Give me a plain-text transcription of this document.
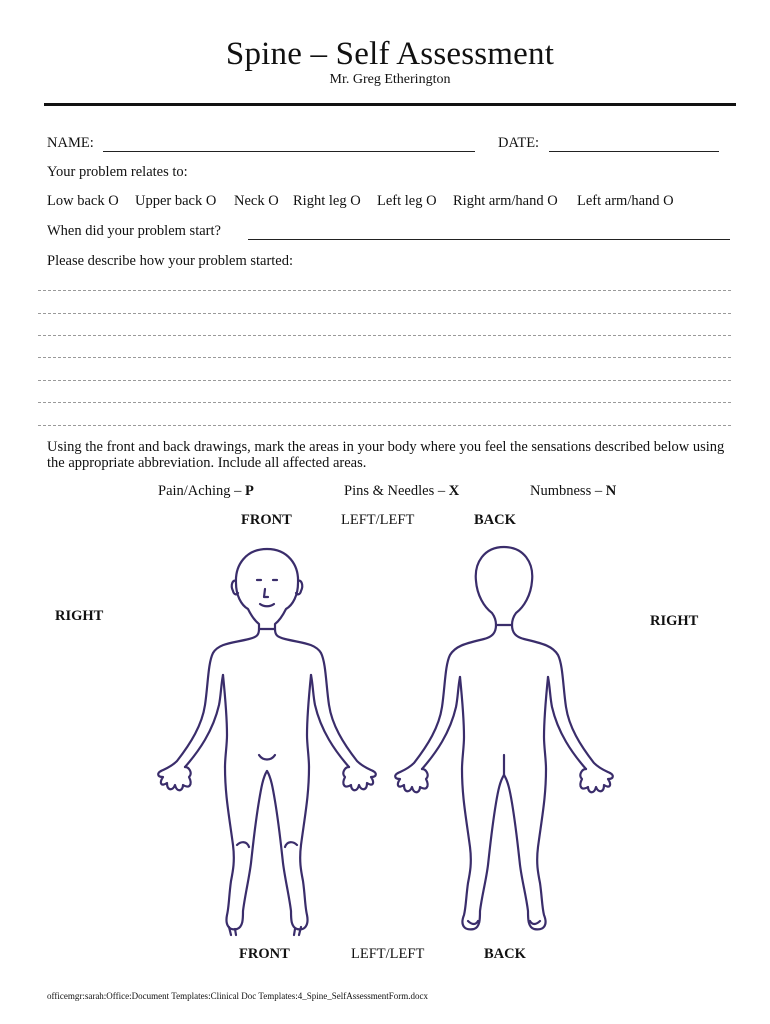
Spine – Self Assessment
Mr. Greg Etherington
NAME:	DATE:
Your problem relates to:
Low back O Upper back O Neck O Right leg O Left leg O Right arm/hand O Left arm/hand O
When did your problem start?
Please describe how your problem started:
Using the front and back drawings, mark the areas in your body where you feel the sensations described below using the appropriate abbreviation. Include all affected areas.
Pain/Aching – P	Pins & Needles – X	Numbness – N
FRONT	LEFT/LEFT	BACK
RIGHT	RIGHT
FRONT	LEFT/LEFT	BACK
officemgr:sarah:Office:Document Templates:Clinical Doc Templates:4_Spine_SelfAssessmentForm.docx
